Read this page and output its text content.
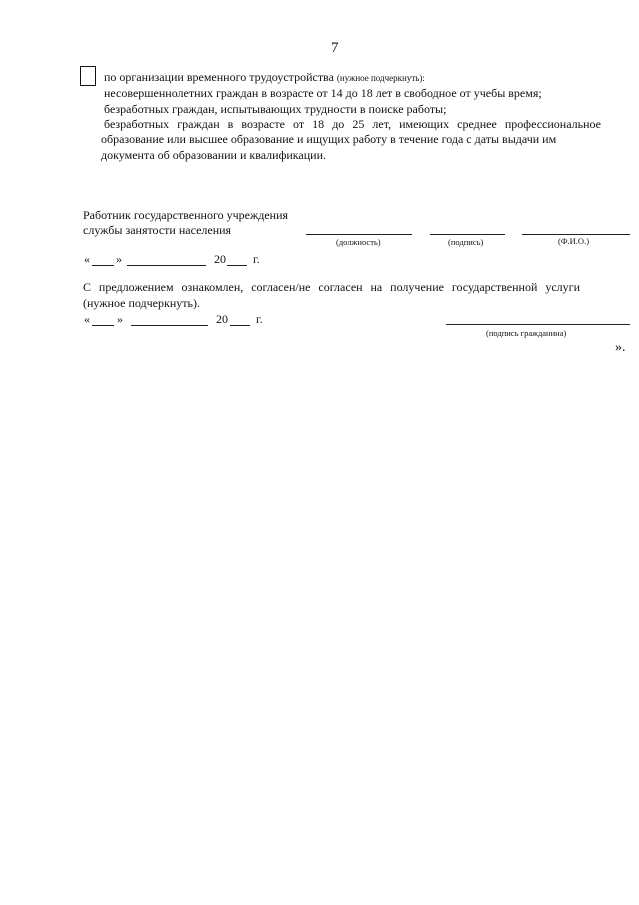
7
по организации временного трудоустройства (нужное подчеркнуть):
несовершеннолетних граждан в возрасте от 14 до 18 лет в свободное от учебы время;
безработных граждан, испытывающих трудности в поиске работы;
безработных граждан в возрасте от 18 до 25 лет, имеющих среднее профессиональное
образование или высшее образование и ищущих работу в течение года с даты выдачи им
документа об образовании и квалификации.
Работник государственного учреждения
службы занятости населения
(должность)	(подпись)	(Ф.И.О.)
« »	20 г.
С предложением ознакомлен, согласен/не согласен на получение государственной услуги
(нужное подчеркнуть).
« »	20 г.
(подпись гражданина)
».
